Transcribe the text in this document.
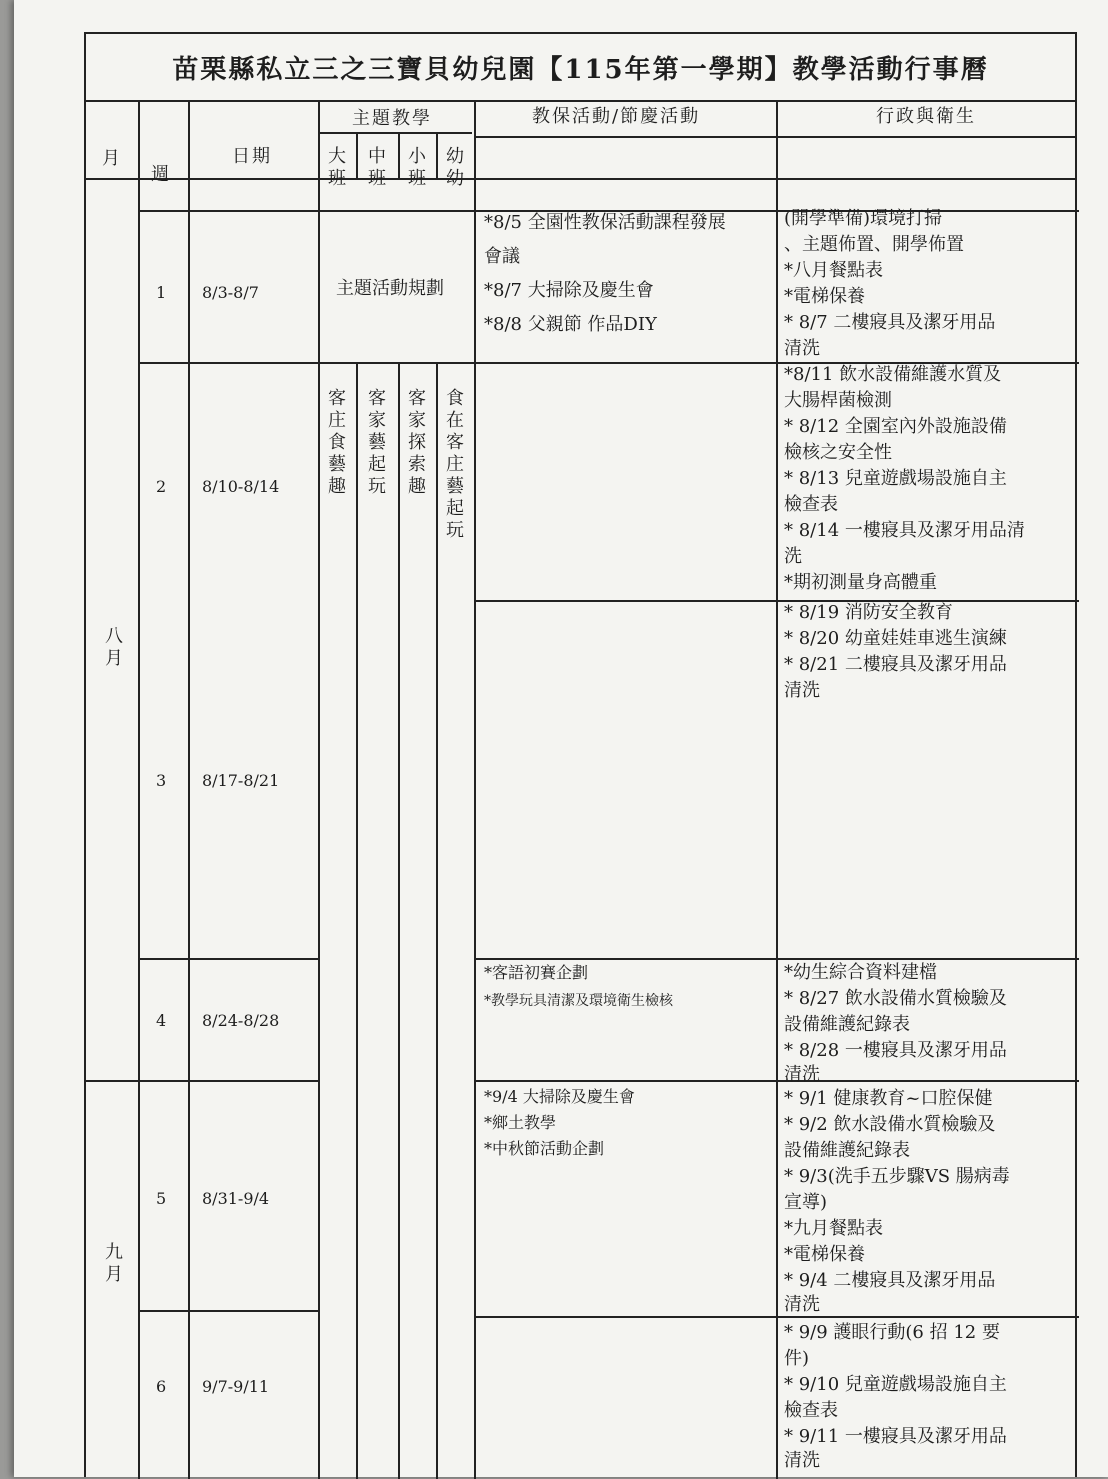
苗栗縣私立三之三寶貝幼兒園【115年第一學期】教學活動行事曆
月
週
日期
主題教學
大班
中班
小班
幼幼
教保活動/節慶活動	行政與衛生
八月
九月
主題活動規劃
客庄食藝趣
客家藝起玩
客家探索趣
食在客庄藝起玩
1 8/3-8/7
2 8/10-8/14
3 8/17-8/21
4 8/24-8/28
5 8/31-9/4
6 9/7-9/11
*8/5 全園性教保活動課程發展
會議
*8/7 大掃除及慶生會
*8/8 父親節 作品DIY
*客語初賽企劃
*教學玩具清潔及環境衛生檢核
*9/4 大掃除及慶生會
*鄉土教學
*中秋節活動企劃
(開學準備)環境打掃
、主題佈置、開學佈置
*八月餐點表
*電梯保養
* 8/7 二樓寢具及潔牙用品
清洗
*8/11 飲水設備維護水質及
大腸桿菌檢測
* 8/12 全園室內外設施設備
檢核之安全性
* 8/13 兒童遊戲場設施自主
檢查表
* 8/14 一樓寢具及潔牙用品清
洗
*期初測量身高體重
* 8/19 消防安全教育
* 8/20 幼童娃娃車逃生演練
* 8/21 二樓寢具及潔牙用品
清洗
*幼生綜合資料建檔
* 8/27 飲水設備水質檢驗及
設備維護紀錄表
* 8/28 一樓寢具及潔牙用品
清洗
* 9/1 健康教育~口腔保健
* 9/2 飲水設備水質檢驗及
設備維護紀錄表
* 9/3(洗手五步驟VS 腸病毒
宣導)
*九月餐點表
*電梯保養
* 9/4 二樓寢具及潔牙用品
清洗
* 9/9 護眼行動(6 招 12 要
件)
* 9/10 兒童遊戲場設施自主
檢查表
* 9/11 一樓寢具及潔牙用品
清洗
